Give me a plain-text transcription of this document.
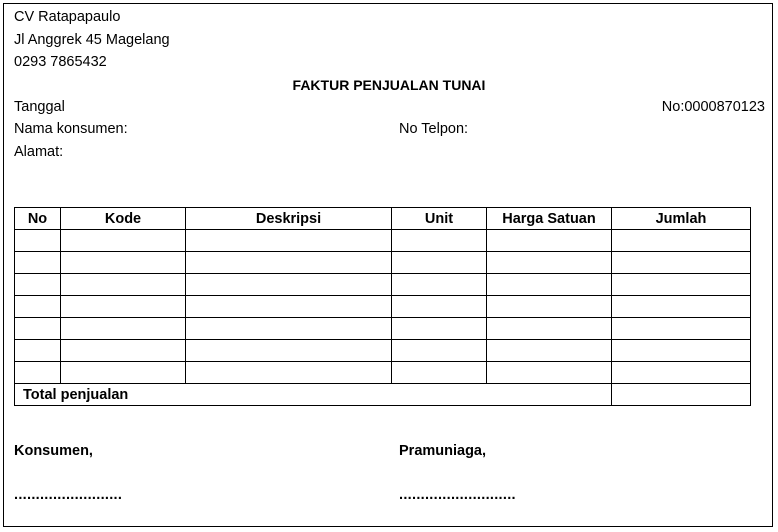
CV Ratapapaulo
Jl Anggrek 45 Magelang
0293 7865432
FAKTUR PENJUALAN TUNAI
Tanggal	No:0000870123
Nama konsumen:	No Telpon:
Alamat:
No	Kode	Deskripsi	Unit	Harga Satuan	Jumlah

Total penjualan					
Konsumen,	Pramuniaga,
.........................	...........................
